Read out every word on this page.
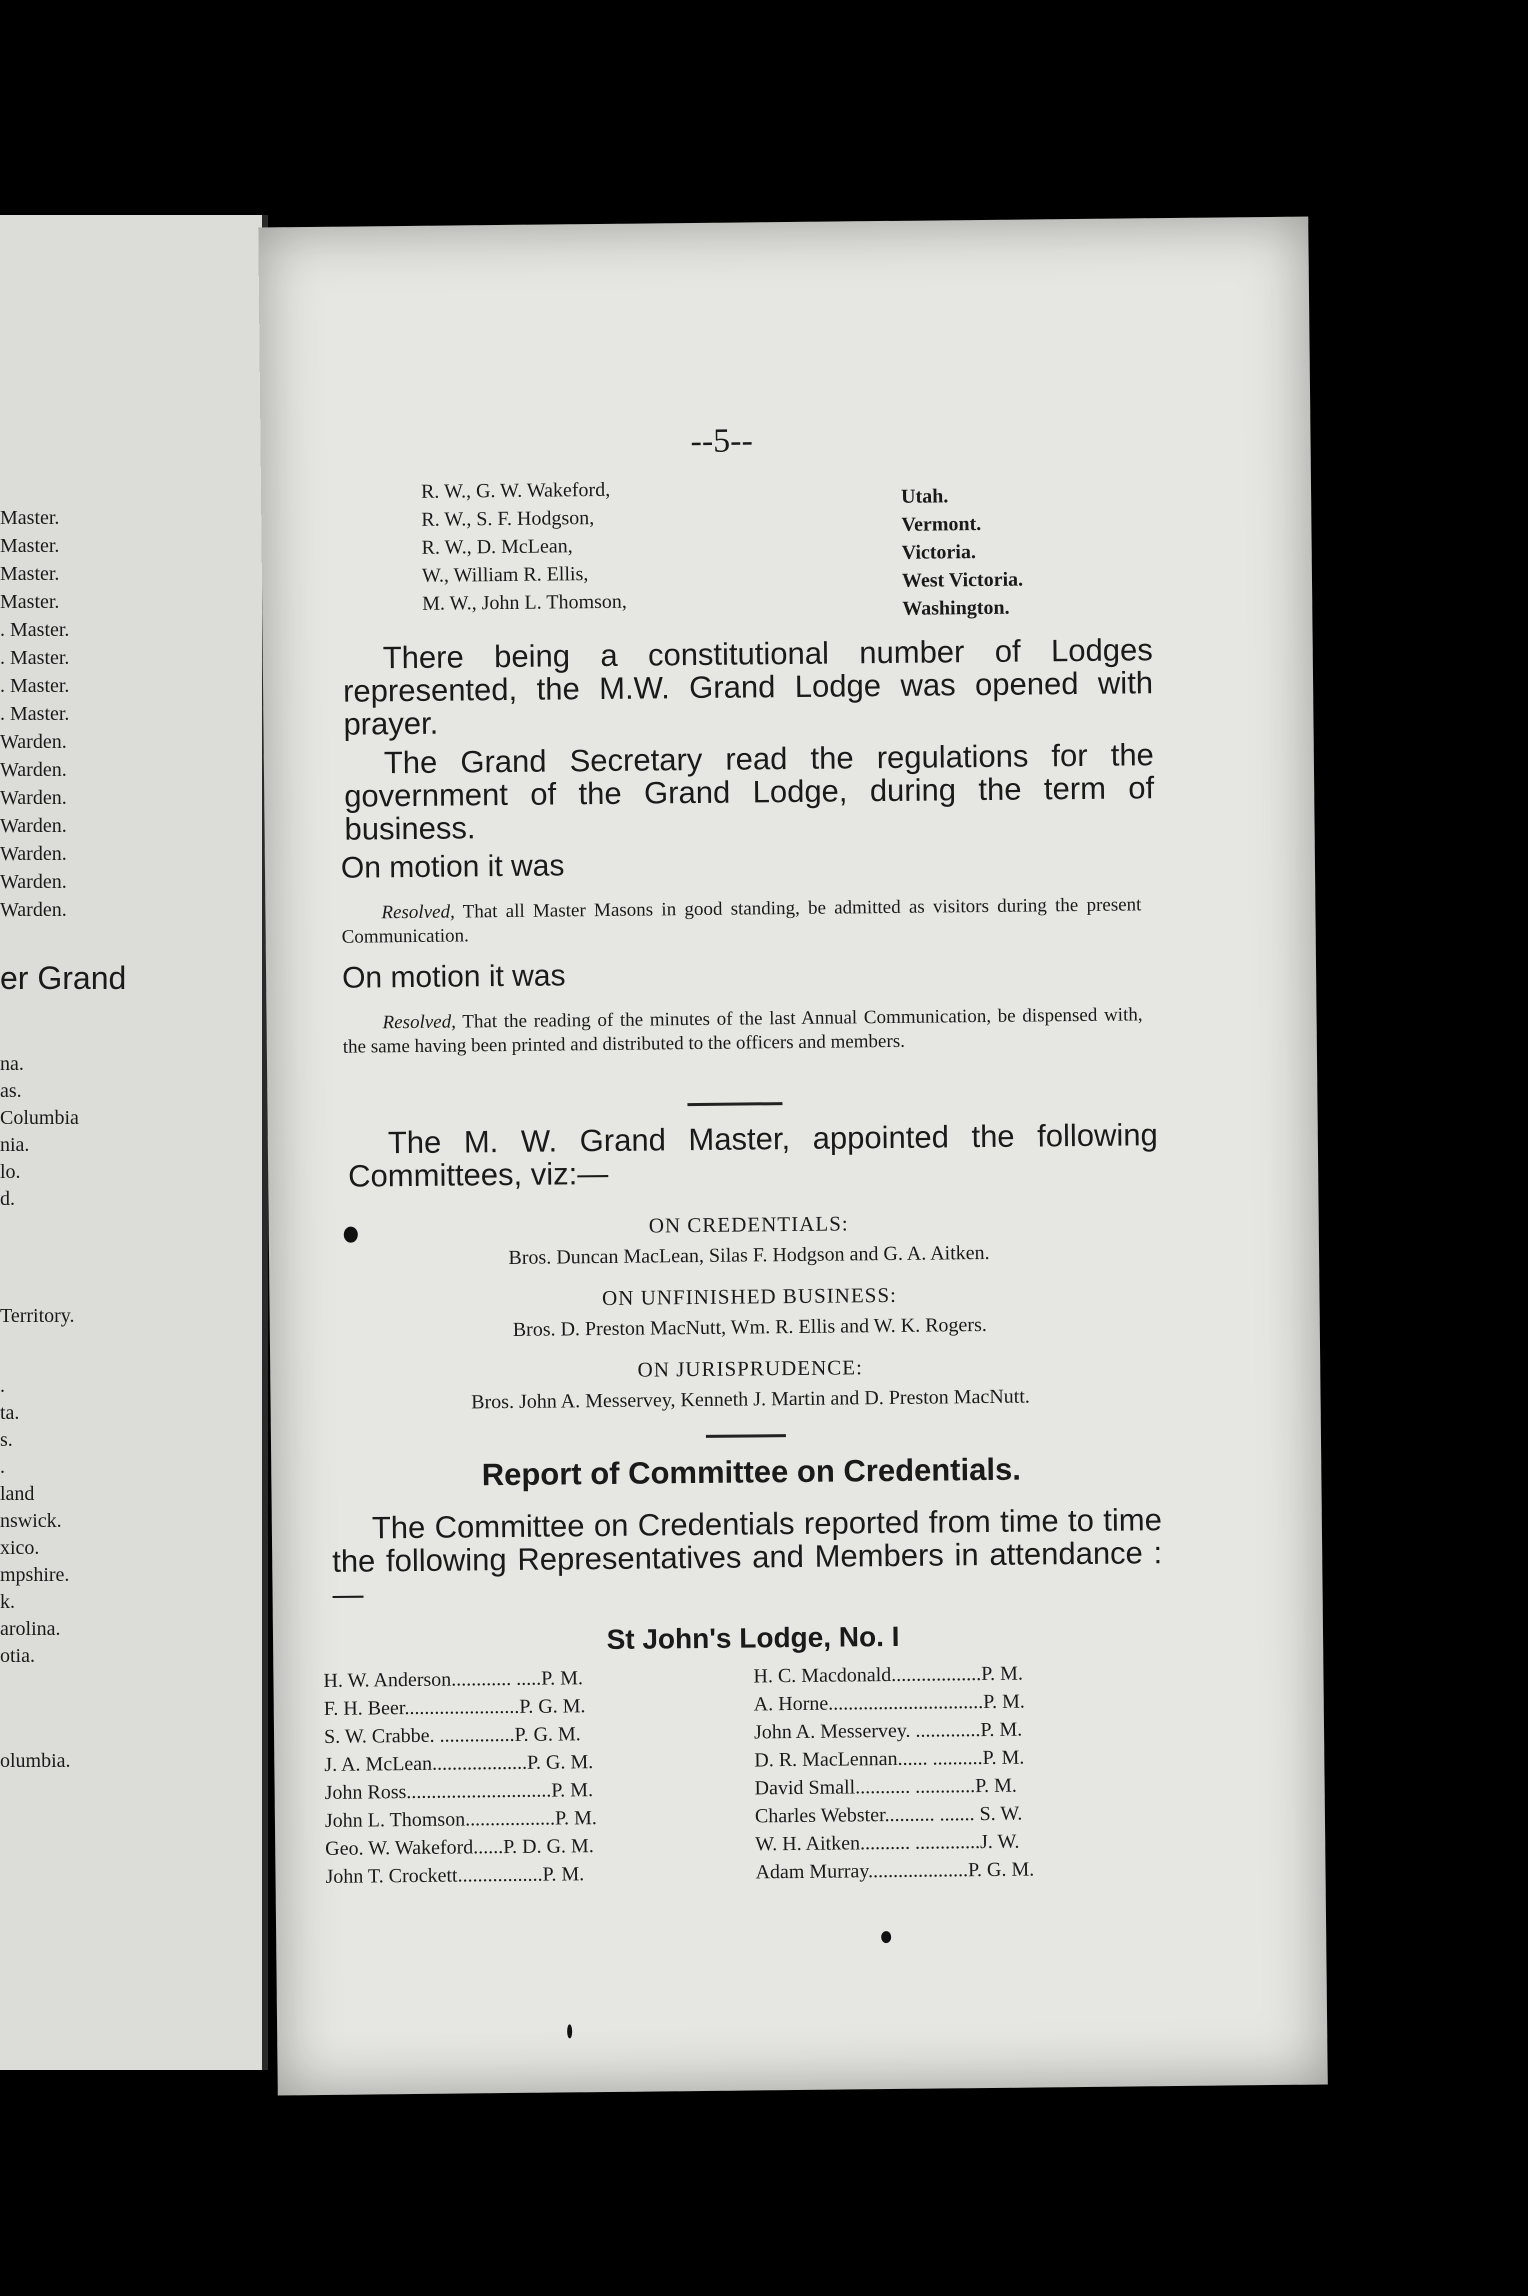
Master.
Master.
Master.
Master.
. Master.
. Master.
. Master.
. Master.
Warden.
Warden.
Warden.
Warden.
Warden.
Warden.
Warden.
er Grand
na.
as.
Columbia
nia.
lo.
d.
Territory.
.
ta.
s.
.
land
nswick.
xico.
mpshire.
k.
arolina.
otia.
olumbia.
--5--
R. W., G. W. Wakeford,
R. W., S. F. Hodgson,
R. W., D. McLean,
W., William R. Ellis,
M. W., John L. Thomson,
Utah.
Vermont.
Victoria.
West Victoria.
Washington.
There being a constitutional number of Lodges represented, the M.W. Grand Lodge was opened with prayer.
The Grand Secretary read the regulations for the government of the Grand Lodge, during the term of business.
On motion it was
Resolved, That all Master Masons in good standing, be admitted as visitors during the present Communication.
On motion it was
Resolved, That the reading of the minutes of the last Annual Communication, be dispensed with, the same having been printed and distributed to the officers and members.
The M. W. Grand Master, appointed the following Committees, viz:—
ON CREDENTIALS:
Bros. Duncan MacLean, Silas F. Hodgson and G. A. Aitken.
ON UNFINISHED BUSINESS:
Bros. D. Preston MacNutt, Wm. R. Ellis and W. K. Rogers.
ON JURISPRUDENCE:
Bros. John A. Messervey, Kenneth J. Martin and D. Preston MacNutt.
Report of Committee on Credentials.
The Committee on Credentials reported from time to time the following Representatives and Members in attendance :—
St John's Lodge, No. I
H. W. Anderson............ .....P. M.
F. H. Beer.......................P. G. M.
S. W. Crabbe. ...............P. G. M.
J. A. McLean...................P. G. M.
John Ross.............................P. M.
John L. Thomson..................P. M.
Geo. W. Wakeford......P. D. G. M.
John T. Crockett.................P. M.
H. C. Macdonald..................P. M.
A. Horne...............................P. M.
John A. Messervey. .............P. M.
D. R. MacLennan...... ..........P. M.
David Small........... ............P. M.
Charles Webster.......... ....... S. W.
W. H. Aitken.......... .............J. W.
Adam Murray....................P. G. M.
